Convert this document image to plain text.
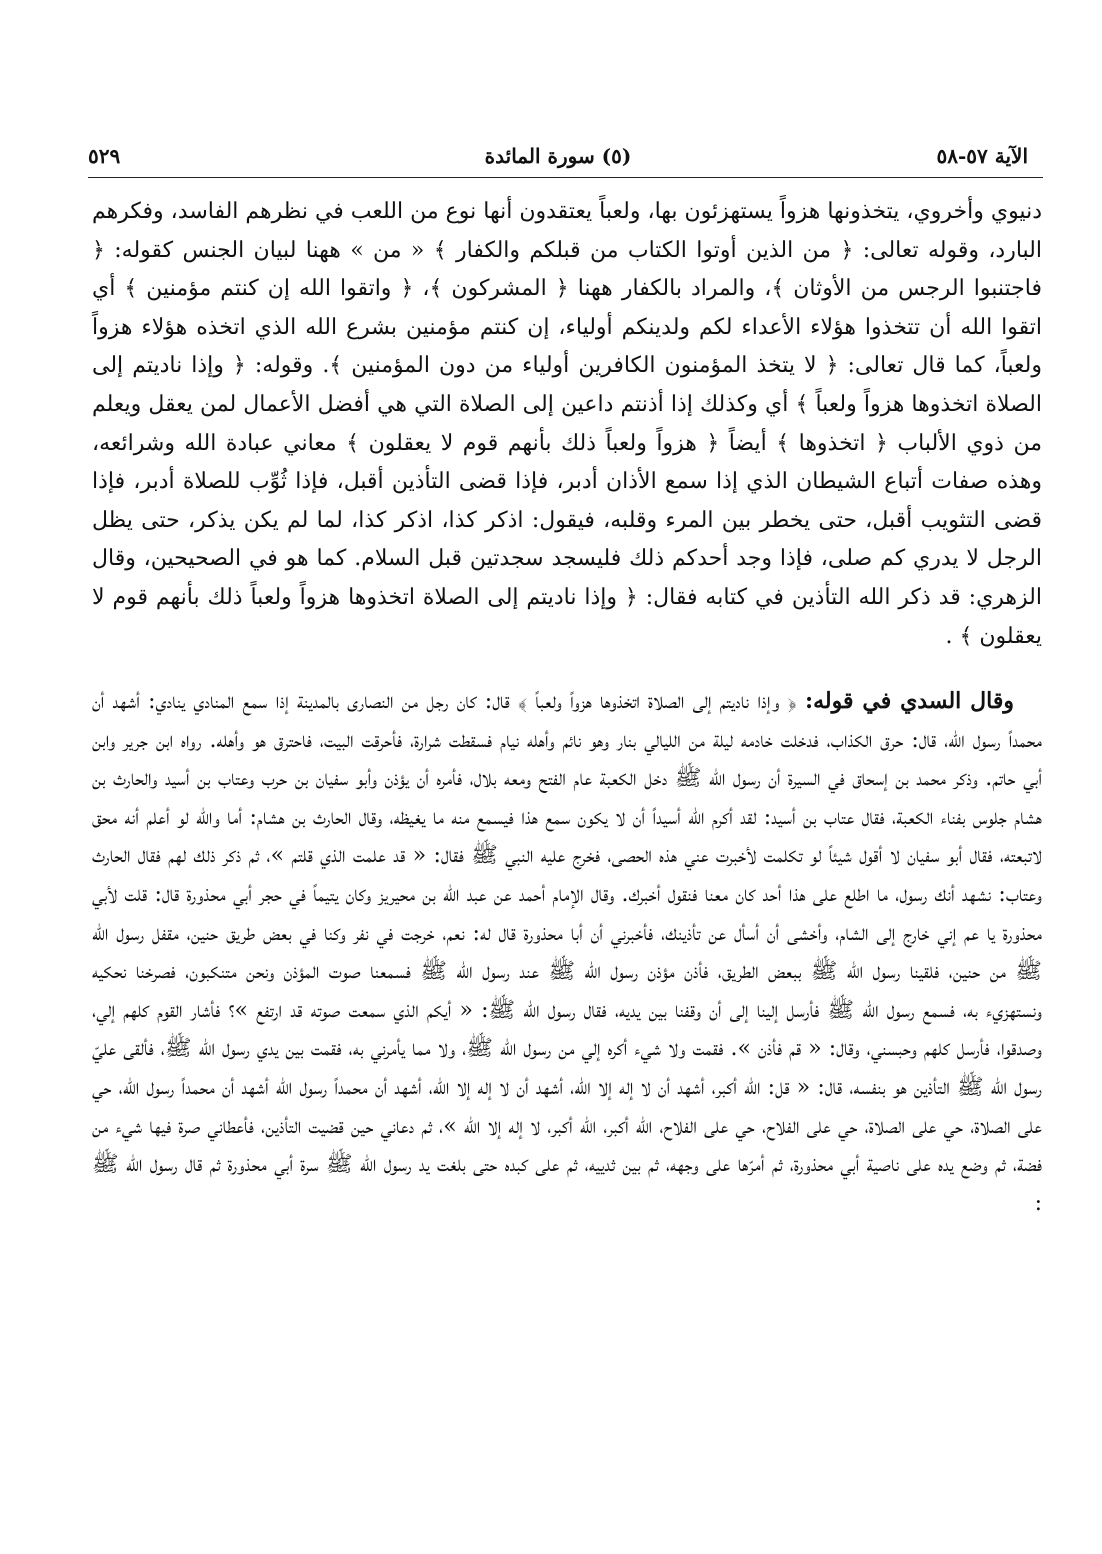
الآية ٥٧-٥٨
(٥) سورة المائدة
٥٢٩

دنيوي وأخروي، يتخذونها هزواً يستهزئون بها، ولعباً يعتقدون أنها نوع من اللعب في نظرهم الفاسد، وفكرهم البارد، وقوله تعالى: ﴿ من الذين أوتوا الكتاب من قبلكم والكفار ﴾ « من » ههنا لبيان الجنس كقوله: ﴿ فاجتنبوا الرجس من الأوثان ﴾، والمراد بالكفار ههنا ﴿ المشركون ﴾، ﴿ واتقوا الله إن كنتم مؤمنين ﴾ أي اتقوا الله أن تتخذوا هؤلاء الأعداء لكم ولدينكم أولياء، إن كنتم مؤمنين بشرع الله الذي اتخذه هؤلاء هزواً ولعباً، كما قال تعالى: ﴿ لا يتخذ المؤمنون الكافرين أولياء من دون المؤمنين ﴾. وقوله: ﴿ وإذا ناديتم إلى الصلاة اتخذوها هزواً ولعباً ﴾ أي وكذلك إذا أذنتم داعين إلى الصلاة التي هي أفضل الأعمال لمن يعقل ويعلم من ذوي الألباب ﴿ اتخذوها ﴾ أيضاً ﴿ هزواً ولعباً ذلك بأنهم قوم لا يعقلون ﴾ معاني عبادة الله وشرائعه، وهذه صفات أتباع الشيطان الذي إذا سمع الأذان أدبر، فإذا قضى التأذين أقبل، فإذا ثُوِّب للصلاة أدبر، فإذا قضى التثويب أقبل، حتى يخطر بين المرء وقلبه، فيقول: اذكر كذا، اذكر كذا، لما لم يكن يذكر، حتى يظل الرجل لا يدري كم صلى، فإذا وجد أحدكم ذلك فليسجد سجدتين قبل السلام. كما هو في الصحيحين، وقال الزهري: قد ذكر الله التأذين في كتابه فقال: ﴿ وإذا ناديتم إلى الصلاة اتخذوها هزواً ولعباً ذلك بأنهم قوم لا يعقلون ﴾ .

وقال السدي في قوله: ﴿ وإذا ناديتم إلى الصلاة اتخذوها هزواً ولعباً ﴾ قال: كان رجل من النصارى بالمدينة إذا سمع المنادي ينادي: أشهد أن محمداً رسول الله، قال: حرق الكذاب، فدخلت خادمه ليلة من الليالي بنار وهو نائم وأهله نيام فسقطت شرارة، فأحرقت البيت، فاحترق هو وأهله. رواه ابن جرير وابن أبي حاتم. وذكر محمد بن إسحاق في السيرة أن رسول الله ﷺ دخل الكعبة عام الفتح ومعه بلال، فأمره أن يؤذن وأبو سفيان بن حرب وعتاب بن أسيد والحارث بن هشام جلوس بفناء الكعبة، فقال عتاب بن أسيد: لقد أكرم الله أسيداً أن لا يكون سمع هذا فيسمع منه ما يغيظه، وقال الحارث بن هشام: أما والله لو أعلم أنه محق لاتبعته، فقال أبو سفيان لا أقول شيئاً لو تكلمت لأخبرت عني هذه الحصى، فخرج عليه النبي ﷺ فقال: « قد علمت الذي قلتم »، ثم ذكر ذلك لهم فقال الحارث وعتاب: نشهد أنك رسول، ما اطلع على هذا أحد كان معنا فنقول أخبرك. وقال الإمام أحمد عن عبد الله بن محيريز وكان يتيماً في حجر أبي محذورة قال: قلت لأبي محذورة يا عم إني خارج إلى الشام، وأخشى أن أسأل عن تأذينك، فأخبرني أن أبا محذورة قال له: نعم، خرجت في نفر وكنا في بعض طريق حنين، مقفل رسول الله ﷺ من حنين، فلقينا رسول الله ﷺ ببعض الطريق، فأذن مؤذن رسول الله ﷺ عند رسول الله ﷺ فسمعنا صوت المؤذن ونحن متنكبون، فصرخنا نحكيه ونستهزيء به، فسمع رسول الله ﷺ فأرسل إلينا إلى أن وقفنا بين يديه، فقال رسول الله ﷺ: « أيكم الذي سمعت صوته قد ارتفع »؟ فأشار القوم كلهم إلي، وصدقوا، فأرسل كلهم وحبسني، وقال: « قم فأذن ». فقمت ولا شيء أكره إلي من رسول الله ﷺ، ولا مما يأمرني به، فقمت بين يدي رسول الله ﷺ، فألقى عليّ رسول الله ﷺ التأذين هو بنفسه، قال: « قل: الله أكبر، أشهد أن لا إله إلا الله، أشهد أن لا إله إلا الله، أشهد أن محمداً رسول الله أشهد أن محمداً رسول الله، حي على الصلاة، حي على الصلاة، حي على الفلاح، حي على الفلاح، الله أكبر، الله أكبر، لا إله إلا الله »، ثم دعاني حين قضيت التأذين، فأعطاني صرة فيها شيء من فضة، ثم وضع يده على ناصية أبي محذورة، ثم أمرّها على وجهه، ثم بين ثدييه، ثم على كبده حتى بلغت يد رسول الله ﷺ سرة أبي محذورة ثم قال رسول الله ﷺ :
